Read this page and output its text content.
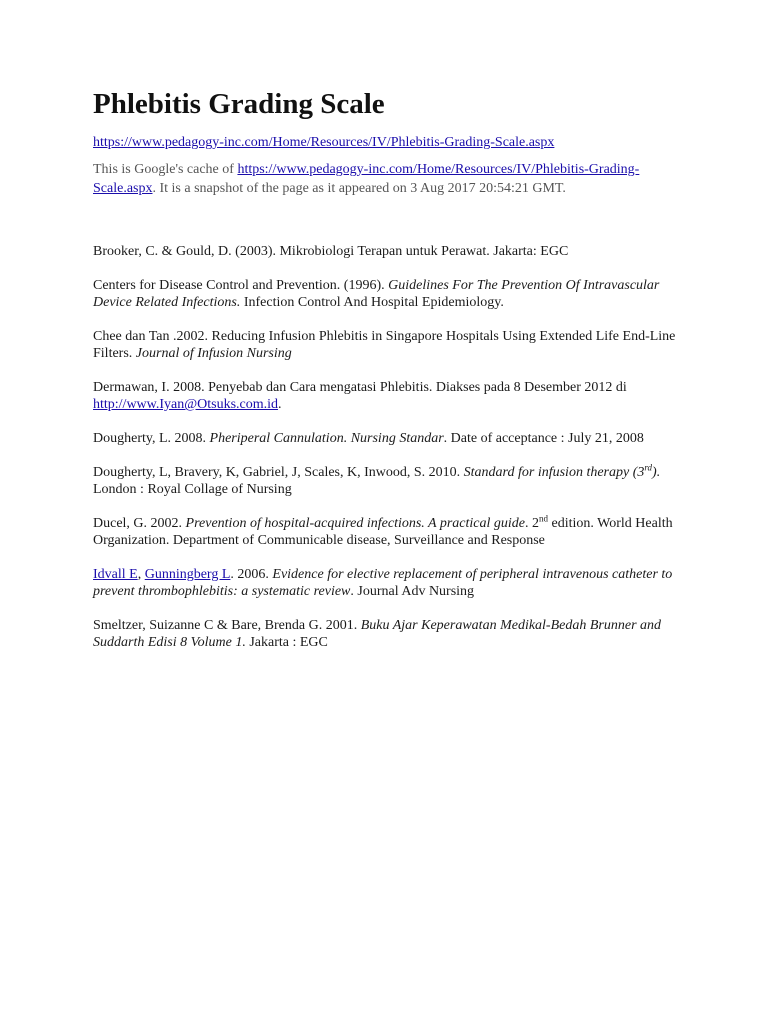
Phlebitis Grading Scale
https://www.pedagogy-inc.com/Home/Resources/IV/Phlebitis-Grading-Scale.aspx
This is Google's cache of https://www.pedagogy-inc.com/Home/Resources/IV/Phlebitis-Grading-Scale.aspx. It is a snapshot of the page as it appeared on 3 Aug 2017 20:54:21 GMT.

Brooker, C. & Gould, D. (2003). Mikrobiologi Terapan untuk Perawat. Jakarta: EGC

Centers for Disease Control and Prevention. (1996). Guidelines For The Prevention Of Intravascular Device Related Infections. Infection Control And Hospital Epidemiology.

Chee dan Tan .2002. Reducing Infusion Phlebitis in Singapore Hospitals Using Extended Life End-Line Filters. Journal of Infusion Nursing

Dermawan, I. 2008. Penyebab dan Cara mengatasi Phlebitis. Diakses pada 8 Desember 2012 di http://www.Iyan@Otsuks.com.id.

Dougherty, L. 2008. Pheriperal Cannulation. Nursing Standar. Date of acceptance : July 21, 2008

Dougherty, L, Bravery, K, Gabriel, J, Scales, K, Inwood, S. 2010. Standard for infusion therapy (3rd). London : Royal Collage of Nursing

Ducel, G. 2002. Prevention of hospital-acquired infections. A practical guide. 2nd edition. World Health Organization. Department of Communicable disease, Surveillance and Response

Idvall E, Gunningberg L. 2006. Evidence for elective replacement of peripheral intravenous catheter to prevent thrombophlebitis: a systematic review. Journal Adv Nursing

Smeltzer, Suizanne C & Bare, Brenda G. 2001. Buku Ajar Keperawatan Medikal-Bedah Brunner and Suddarth Edisi 8 Volume 1. Jakarta : EGC
